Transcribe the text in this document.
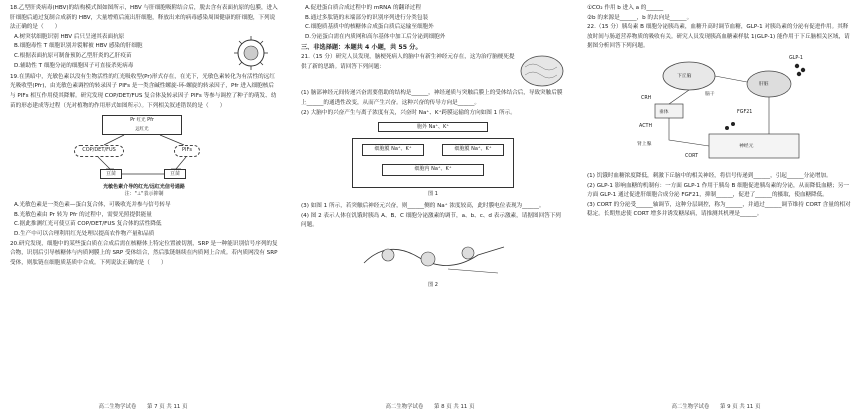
18.乙型肝炎病毒(HBV)的结构模式图如图所示，HBV 与肝细胞吸附结合后，脱去含有表面抗原的包膜，进入肝细胞后通过复制合成新的 HBV，大量增殖后流出肝细胞，释放出来的病毒感染周围健康的肝细胞，下列说法正确的是（　　）

A.树突状细胞识别 HBV 后只呈递其表面抗原

B.细胞毒性 T 细胞识别并裂解被 HBV 感染的肝细胞

C.根据表面抗原可制备预防乙型肝炎的乙肝疫苗

D.辅助性 T 细胞分泌的细胞因子可直接杀死病毒

19.在黑暗中，光敏色素以没有生物活性的红光吸收型(Pr)形式存在，在光下，光敏色素转化为有活性的远红光吸收型(Pfr)，由光敏色素调控的转录因子 PIFs 是一类含碱性螺旋-环-螺旋的转录因子，Pfr 进入细胞核后与 PIFs 相互作用使其降解。研究发现 COP/DET/FUS 复合体及转录因子 PIFs 等参与调控了种子的萌发、幼苗的形态建成等过程（光对植物的作用形式如图所示）。下列相关叙述错误的是（　　）

Pr 红光 Pfr
远红光
COP/DET/FUS	PIFs
豆苗	豆苗

光敏色素介导的红光/远红光信号通路

注："⊥"表示抑制

A.光敏色素是一类色素—蛋白复合体，可吸收光并参与信号转导

B.光敏色素由 Pr 转为 Pfr 的过程中，需要光照提供能量

C.据此推测红光可使豆苗 COP/DET/FUS 复合体的活性降低

D.生产中可以合理利用红光处理以提高农作物产量和品质

20.研究发现，细胞中的某些蛋白质在合成后需在核糖体上特定位置被切割，SRP 是一种能识别信号序列的复合物，识别后引导核糖体与内质网膜上的 SRP 受体结合，然后肽链继续在内质网上合成。若内质网没有 SRP 受体，则肽链在细胞质基质中合成。下列说法正确的是（　　）

高二生物学试卷　　第 7 页 共 11 页

A.促进蛋白质合成过程中的 mRNA 的翻译过程

B.通过多肽链的末端部分的识别序列进行分类包装

C.细胞质基质中的核糖体合成蛋白质后运输至细胞外

D.分泌蛋白需在内质网和高尔基体中加工后分泌到细胞外

三、非选择题：本题共 4 小题，共 55 分。

21.（15 分）研究人员发现，脑梗死病人的脑中有新生神经元存在，这为治疗脑梗死提供了新的思路。请回答下列问题：

(1) 脑部神经元间传递兴奋需要借助的结构是______，神经递质与突触后膜上的受体结合后，导致突触后膜上______的通透性改变，从而产生兴奋。这种兴奋的传导方向是______。

(2) 大脑中的兴奋产生与离子浓度有关，兴奋时 Na⁺、K⁺跨膜运输的方向如图 1 所示。

胞外 Na⁺、K⁺
细胞膜 Na⁺、K⁺	细胞膜 Na⁺、K⁺
细胞内 Na⁺、K⁺

图 1

(3) 如图 1 所示，若突触后神经元兴奋，则______侧的 Na⁺ 浓度较高，此时膜电位表现为______。

(4) 图 2 表示人体在饥饿时胰岛 A、B、C 细胞分泌激素的调节，a、b、c、d 表示激素，请据图回答下列问题。

图 2

高二生物学试卷　　第 8 页 共 11 页

①CO₂ 作用 b 进入 a 的______

②b 的来源是______，b 的去向是______。

22.（15 分）胰岛素 B 细胞分泌胰岛素，血糖升高时调节血糖，GLP-1 对胰岛素的分泌有促进作用。其释放时间与肠道营养物质的吸收有关。研究人员发现胰高血糖素样肽 1(GLP-1) 能作用于下丘脑相关区域，请据图分析回答下列问题。

下丘脑
脑干
垂体
CRH
ACTH
肾上腺
CORT
FGF21
肝脏
神经元
GLP-1

(1) 饥饿时血糖浓度降低，刺激下丘脑中的相关神经，将信号传递到______，引起______分泌增加。

(2) GLP-1 影响血糖的机制有：一方面 GLP-1 作用于胰岛 B 细胞促进胰岛素的分泌，从而降低血糖；另一方面 GLP-1 通过促进肝细胞合成分泌 FGF21，抑制______，促进了______的摄取，使血糖降低。

(3) CORT 的分泌受______轴调节，这种分层调控，称为______，并通过______调节维持 CORT 含量的相对稳定。长期焦虑使 CORT 增多并诱发糖尿病，请推测其机理是______。

高二生物学试卷　　第 9 页 共 11 页
